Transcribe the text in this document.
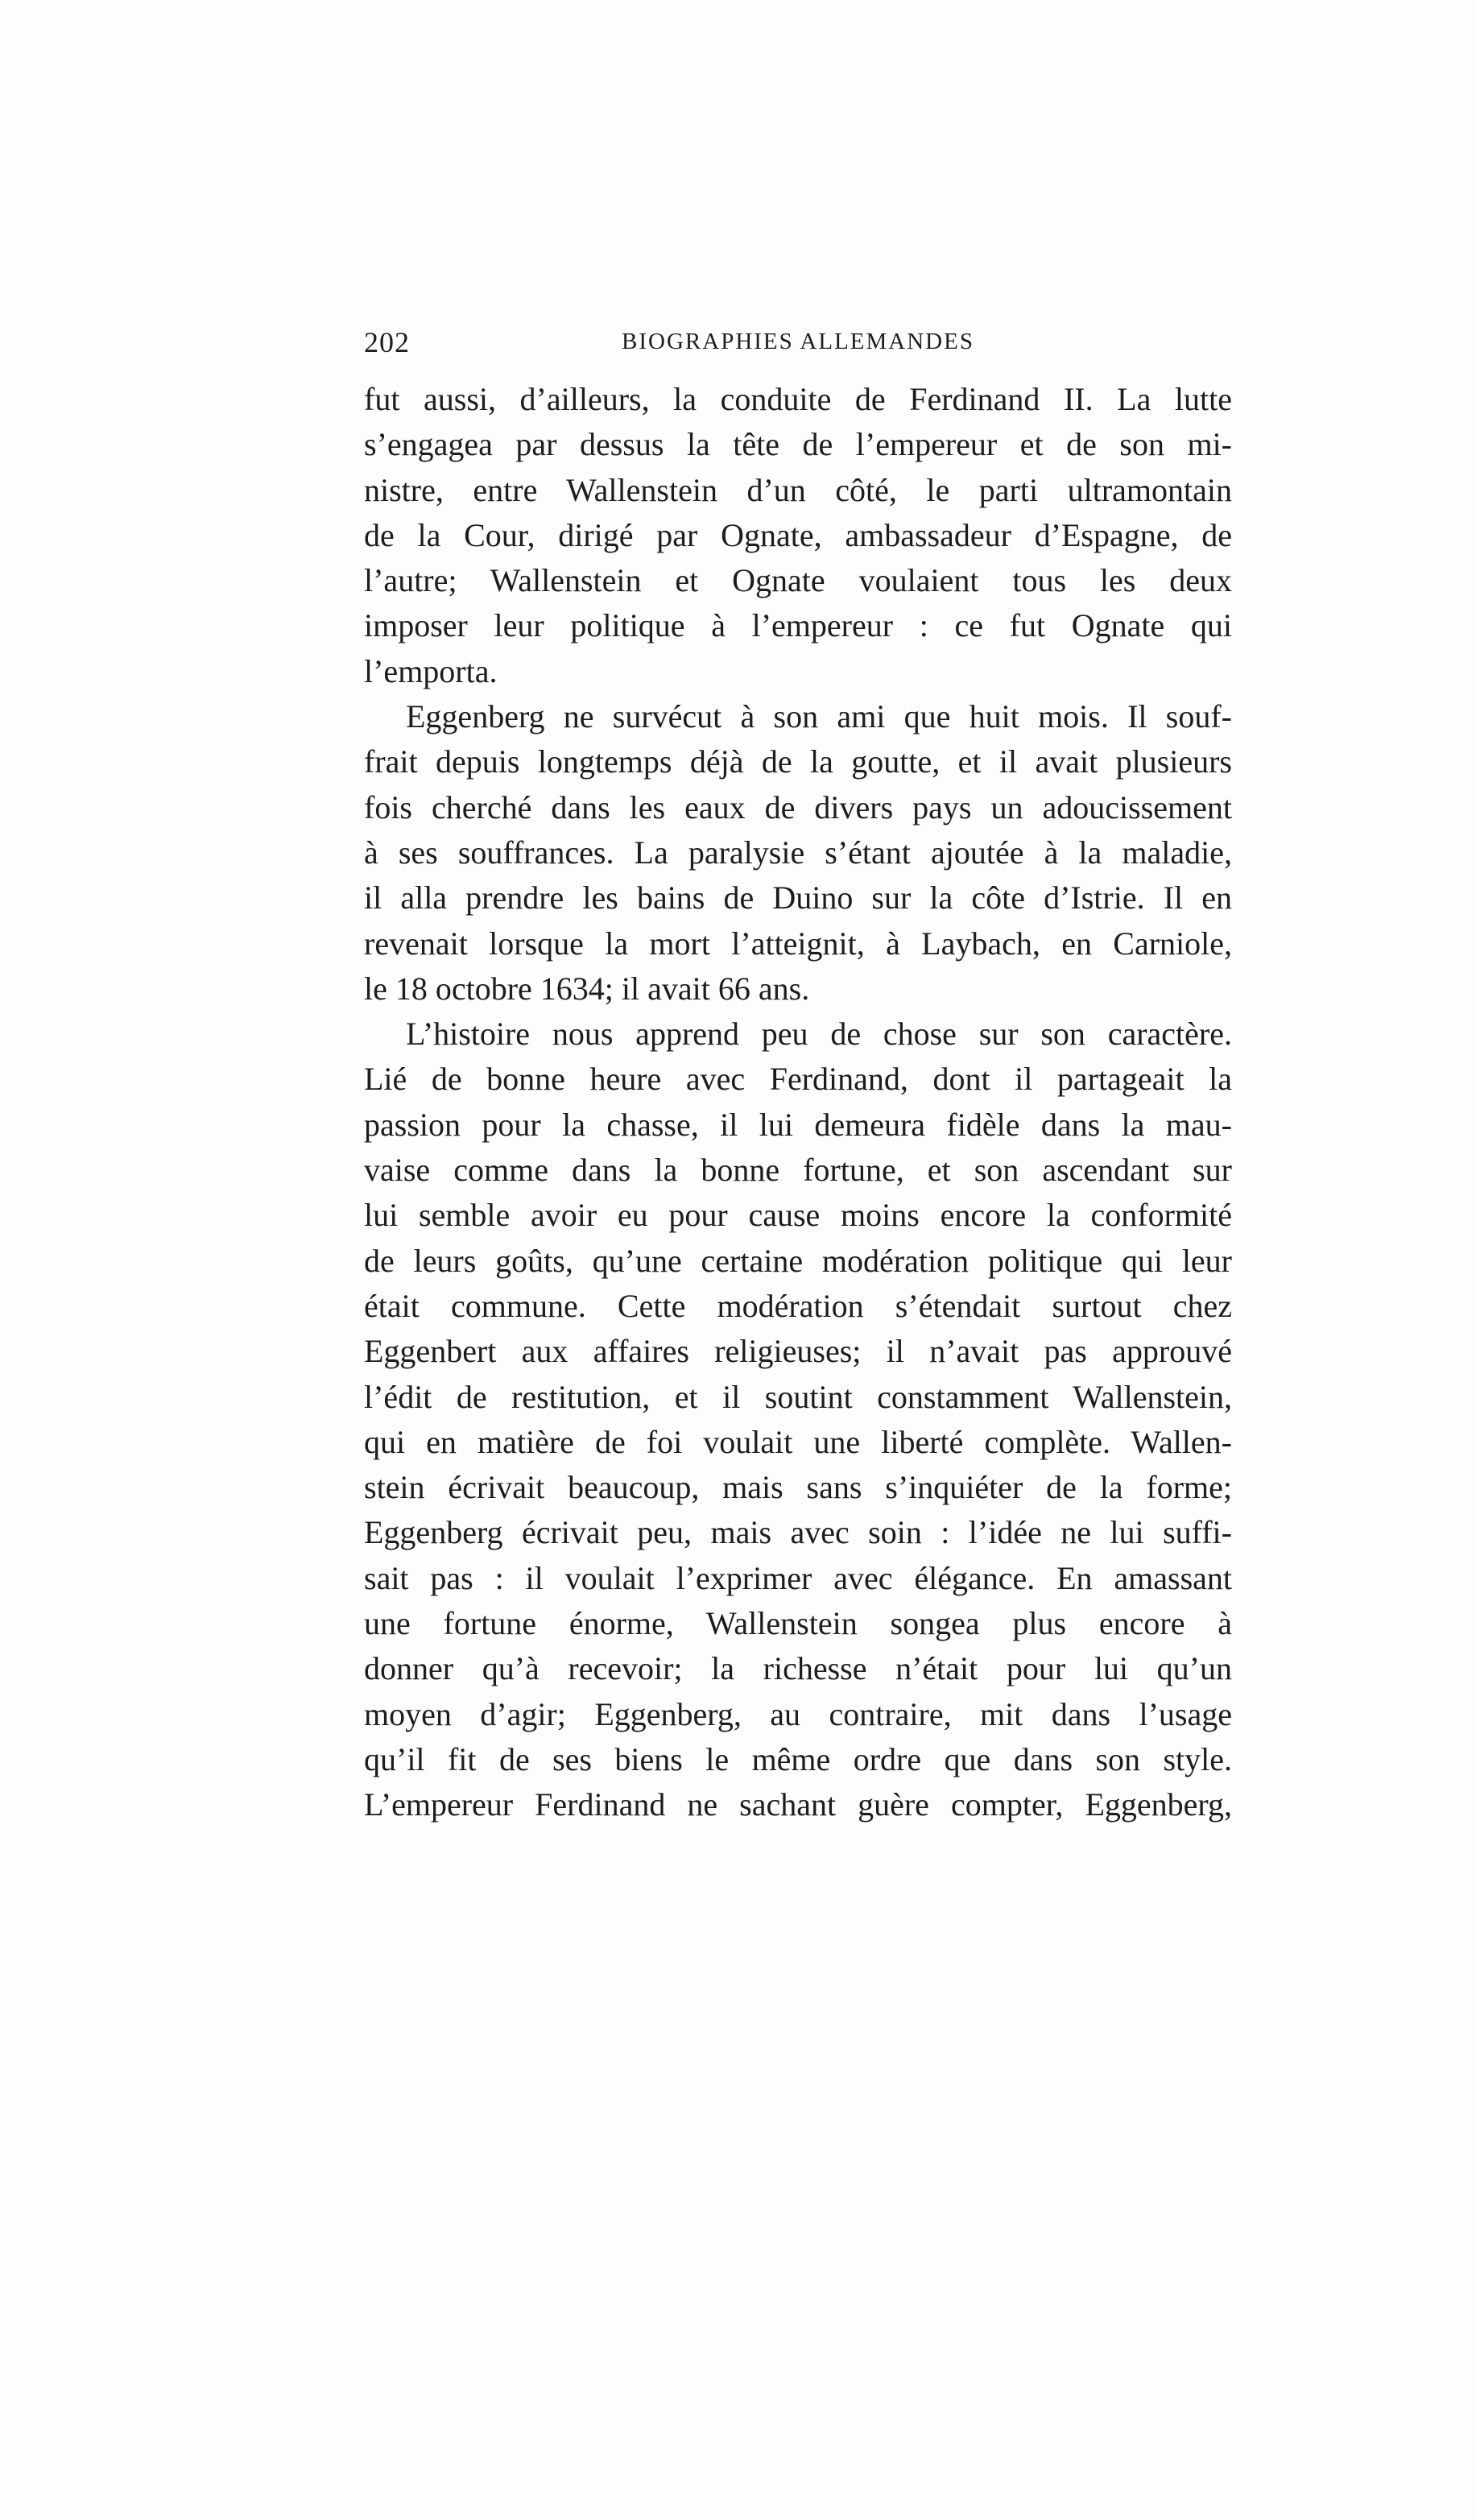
202	BIOGRAPHIES ALLEMANDES
fut aussi, d’ailleurs, la conduite de Ferdinand II. La lutte
s’engagea par dessus la tête de l’empereur et de son mi-
nistre, entre Wallenstein d’un côté, le parti ultramontain
de la Cour, dirigé par Ognate, ambassadeur d’Espagne, de
l’autre; Wallenstein et Ognate voulaient tous les deux
imposer leur politique à l’empereur : ce fut Ognate qui
l’emporta.
Eggenberg ne survécut à son ami que huit mois. Il souf-
frait depuis longtemps déjà de la goutte, et il avait plusieurs
fois cherché dans les eaux de divers pays un adoucissement
à ses souffrances. La paralysie s’étant ajoutée à la maladie,
il alla prendre les bains de Duino sur la côte d’Istrie. Il en
revenait lorsque la mort l’atteignit, à Laybach, en Carniole,
le 18 octobre 1634; il avait 66 ans.
L’histoire nous apprend peu de chose sur son caractère.
Lié de bonne heure avec Ferdinand, dont il partageait la
passion pour la chasse, il lui demeura fidèle dans la mau-
vaise comme dans la bonne fortune, et son ascendant sur
lui semble avoir eu pour cause moins encore la conformité
de leurs goûts, qu’une certaine modération politique qui leur
était commune. Cette modération s’étendait surtout chez
Eggenbert aux affaires religieuses; il n’avait pas approuvé
l’édit de restitution, et il soutint constamment Wallenstein,
qui en matière de foi voulait une liberté complète. Wallen-
stein écrivait beaucoup, mais sans s’inquiéter de la forme;
Eggenberg écrivait peu, mais avec soin : l’idée ne lui suffi-
sait pas : il voulait l’exprimer avec élégance. En amassant
une fortune énorme, Wallenstein songea plus encore à
donner qu’à recevoir; la richesse n’était pour lui qu’un
moyen d’agir; Eggenberg, au contraire, mit dans l’usage
qu’il fit de ses biens le même ordre que dans son style.
L’empereur Ferdinand ne sachant guère compter, Eggenberg,
